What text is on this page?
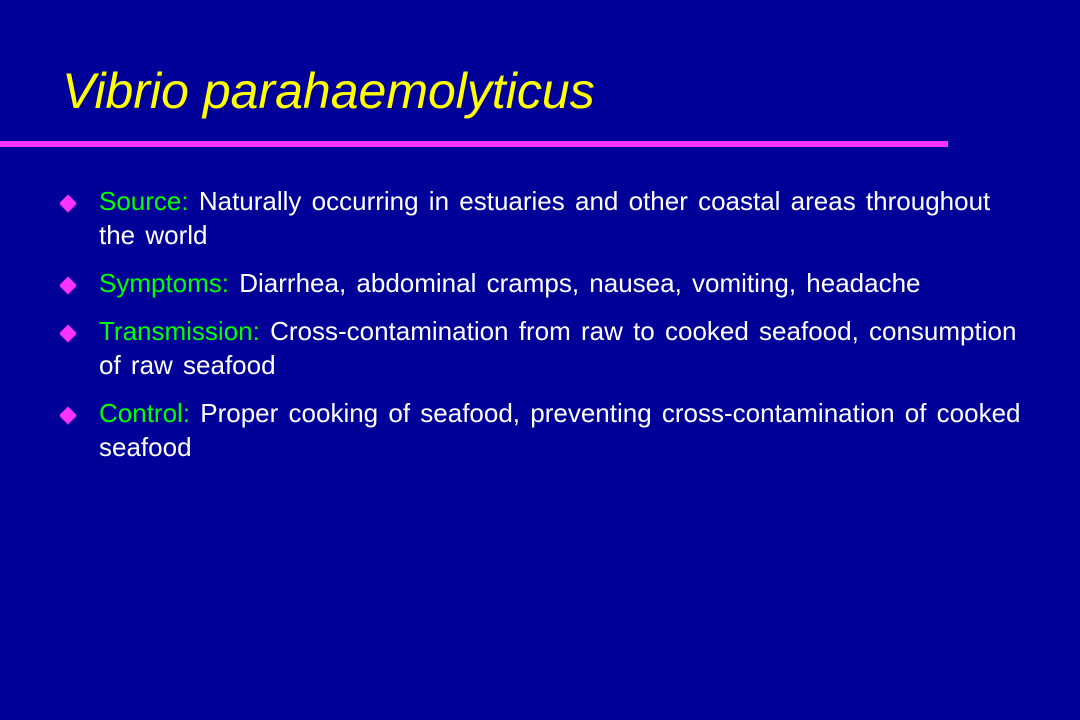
Vibrio parahaemolyticus
Source: Naturally occurring in estuaries and other coastal areas throughout the world
Symptoms: Diarrhea, abdominal cramps, nausea, vomiting, headache
Transmission: Cross-contamination from raw to cooked seafood, consumption of raw seafood
Control: Proper cooking of seafood, preventing cross-contamination of cooked seafood
